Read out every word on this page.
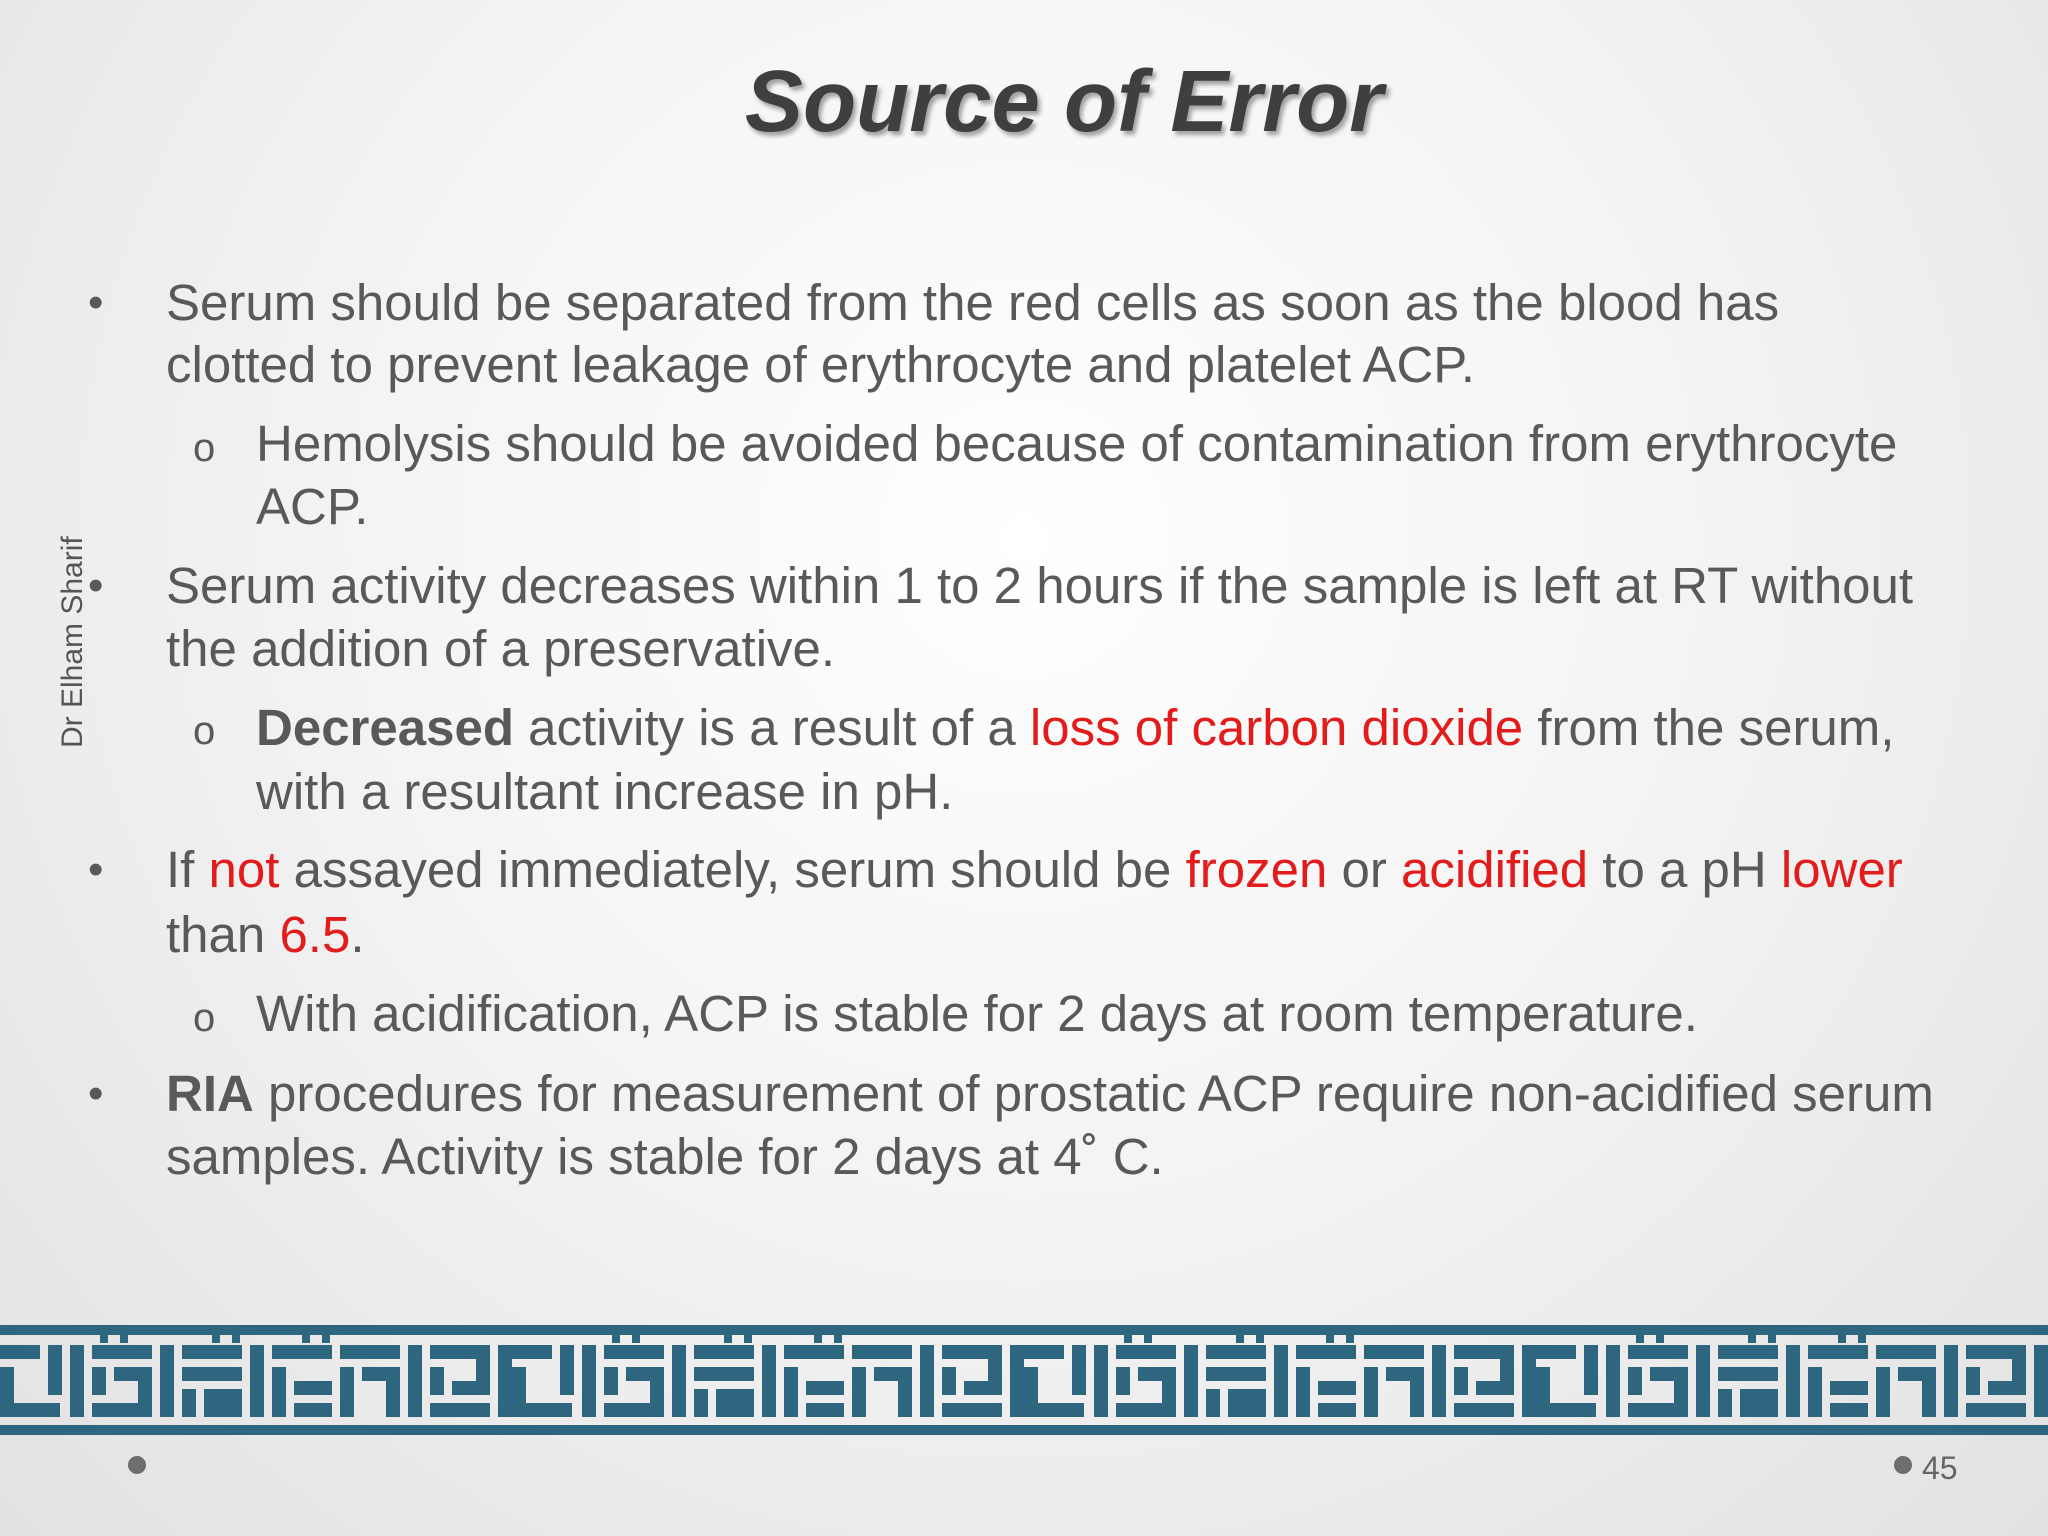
Source of Error
Dr Elham Sharif
• Serum should be separated from the red cells as soon as the blood has
clotted to prevent leakage of erythrocyte and platelet ACP.
o Hemolysis should be avoided because of contamination from erythrocyte
ACP.
• Serum activity decreases within 1 to 2 hours if the sample is left at RT without
the addition of a preservative.
o Decreased activity is a result of a loss of carbon dioxide from the serum,
with a resultant increase in pH.
• If not assayed immediately, serum should be frozen or acidified to a pH lower
than 6.5.
o With acidification, ACP is stable for 2 days at room temperature.
• RIA procedures for measurement of prostatic ACP require non-acidified serum
samples. Activity is stable for 2 days at 4˚ C.
45
